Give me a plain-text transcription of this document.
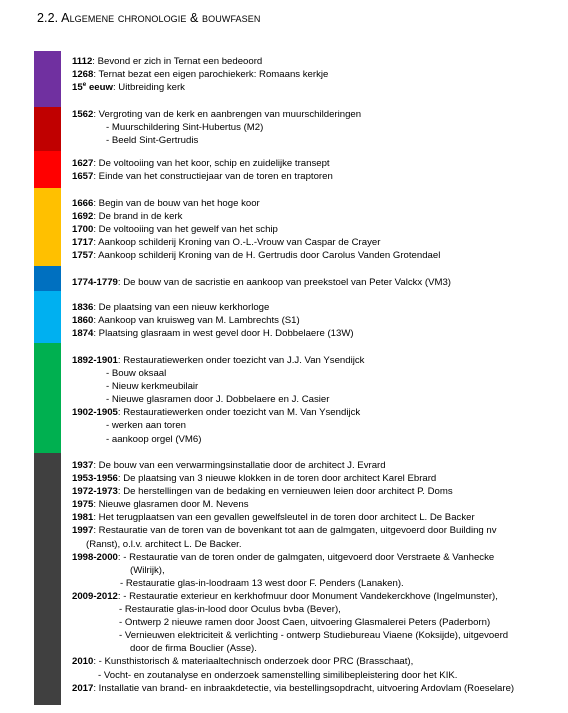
2.2. Algemene chronologie & bouwfasen
1112: Bevond er zich in Ternat een bedeoord
1268: Ternat bezat een eigen parochiekerk: Romaans kerkje
15e eeuw: Uitbreiding kerk
1562: Vergroting van de kerk en aanbrengen van muurschilderingen
- Muurschildering Sint-Hubertus (M2)
- Beeld Sint-Gertrudis
1627: De voltooiing van het koor, schip en zuidelijke transept
1657: Einde van het constructiejaar van de toren en traptoren
1666: Begin van de bouw van het hoge koor
1692: De brand in de kerk
1700: De voltooiing van het gewelf van het schip
1717: Aankoop schilderij Kroning van O.-L.-Vrouw van Caspar de Crayer
1757: Aankoop schilderij Kroning van de H. Gertrudis door Carolus Vanden Grotendael
1774-1779: De bouw van de sacristie en aankoop van preekstoel van Peter Valckx (VM3)
1836: De plaatsing van een nieuw kerkhorloge
1860: Aankoop van kruisweg van M. Lambrechts (S1)
1874: Plaatsing glasraam in west gevel door H. Dobbelaere (13W)
1892-1901: Restauratiewerken onder toezicht van J.J. Van Ysendijck
- Bouw oksaal
- Nieuw kerkmeubilair
- Nieuwe glasramen door J. Dobbelaere en J. Casier
1902-1905: Restauratiewerken onder toezicht van M. Van Ysendijck
- werken aan toren
- aankoop orgel (VM6)
1937: De bouw van een verwarmingsinstallatie door de architect J. Evrard
1953-1956: De plaatsing van 3 nieuwe klokken in de toren door architect Karel Ebrard
1972-1973: De herstellingen van de bedaking en vernieuwen leien door architect P. Doms
1975: Nieuwe glasramen door M. Nevens
1981: Het terugplaatsen van een gevallen gewelfsleutel in de toren door architect L. De Backer
1997: Restauratie van de toren van de bovenkant tot aan de galmgaten, uitgevoerd door Building nv
(Ranst), o.l.v. architect L. De Backer.
1998-2000: - Restauratie van de toren onder de galmgaten, uitgevoerd door Verstraete & Vanhecke
(Wilrijk),
- Restauratie glas-in-loodraam 13 west door F. Penders (Lanaken).
2009-2012: - Restauratie exterieur en kerkhofmuur door Monument Vandekerckhove (Ingelmunster),
- Restauratie glas-in-lood door Oculus bvba (Bever),
- Ontwerp 2 nieuwe ramen door Joost Caen, uitvoering Glasmalerei Peters (Paderborn)
- Vernieuwen elektriciteit & verlichting - ontwerp Studiebureau Viaene (Koksijde), uitgevoerd
door de firma Bouclier (Asse).
2010: - Kunsthistorisch & materiaaltechnisch onderzoek door PRC (Brasschaat),
- Vocht- en zoutanalyse en onderzoek samenstelling similibepleistering door het KIK.
2017: Installatie van brand- en inbraakdetectie, via bestellingsopdracht, uitvoering Ardovlam (Roeselare)
